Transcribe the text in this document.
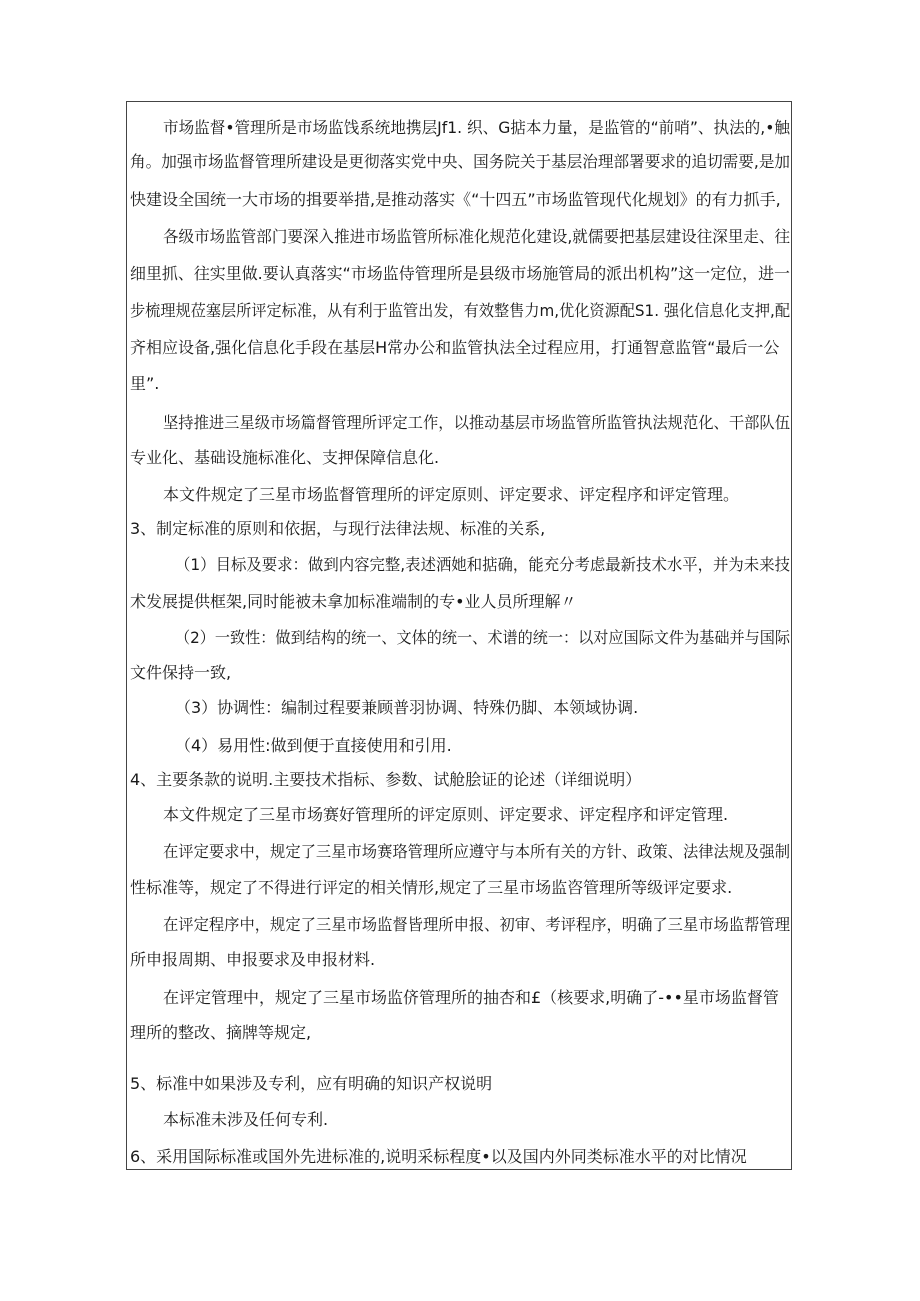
市场监督•管理所是市场监饯系统地携层Jf1. 织、G掂本力量，是监管的“前哨”、执法的,•触
角。加强市场监督管理所建设是更彻落实党中央、国务院关于基层治理部署要求的追切需要,是加
快建设全国统一大市场的揖要举措,是推动落实《“十四五”市场监管现代化规划》的有力抓手,
各级市场监管部门要深入推进市场监管所标准化规范化建设,就儒要把基层建设往深里走、往
细里抓、往实里做.要认真落实“市场监侍管理所是县级市场施管局的派出机构”这一定位，进一
步梳理规莅塞层所评定标准，从有利于监管出发，有效整售力m,优化资源配S1. 强化信息化支押,配
齐相应设备,强化信息化手段在基层H常办公和监管执法全过程应用，打通智意监管“最后一公
里”.
坚持推进三星级市场篇督管理所评定工作，以推动基层市场监管所监管执法规范化、干部队伍
专业化、基础设施标准化、支押保障信息化.
本文件规定了三星市场监督管理所的评定原则、评定要求、评定程序和评定管理。
3、制定标准的原则和依据，与现行法律法规、标准的关系,
（1）目标及要求：做到内容完整,表述洒她和掂确，能充分考虑最新技术水平，并为未来技
术发展提供框架,同时能被未拿加标准端制的专•业人员所理解〃
（2）一致性：做到结构的统一、文体的统一、术谱的统一：以对应国际文件为基础并与国际
文件保持一致,
（3）协调性：编制过程要兼顾普羽协调、特殊仍脚、本领域协调.
（4）易用性:做到便于直接使用和引用.
4、主要条款的说明.主要技术指标、参数、试舱脍证的论述（详细说明）
本文件规定了三星市场赛好管理所的评定原则、评定要求、评定程序和评定管理.
在评定要求中，规定了三星市场赛珞管理所应遵守与本所有关的方针、政策、法律法规及强制
性标准等，规定了不得进行评定的相关情形,规定了三星市场监咨管理所等级评定要求.
在评定程序中，规定了三星市场监督皆理所申报、初审、考评程序，明确了三星市场监帮管理
所申报周期、申报要求及申报材料.
在评定管理中，规定了三星市场监侪管理所的抽杏和£（核要求,明确了-••星市场监督管
理所的整改、摘牌等规定,
5、标准中如果涉及专利，应有明确的知识产权说明
本标准未涉及任何专利.
6、采用国际标准或国外先进标准的,说明采标程度•以及国内外同类标准水平的对比情况
